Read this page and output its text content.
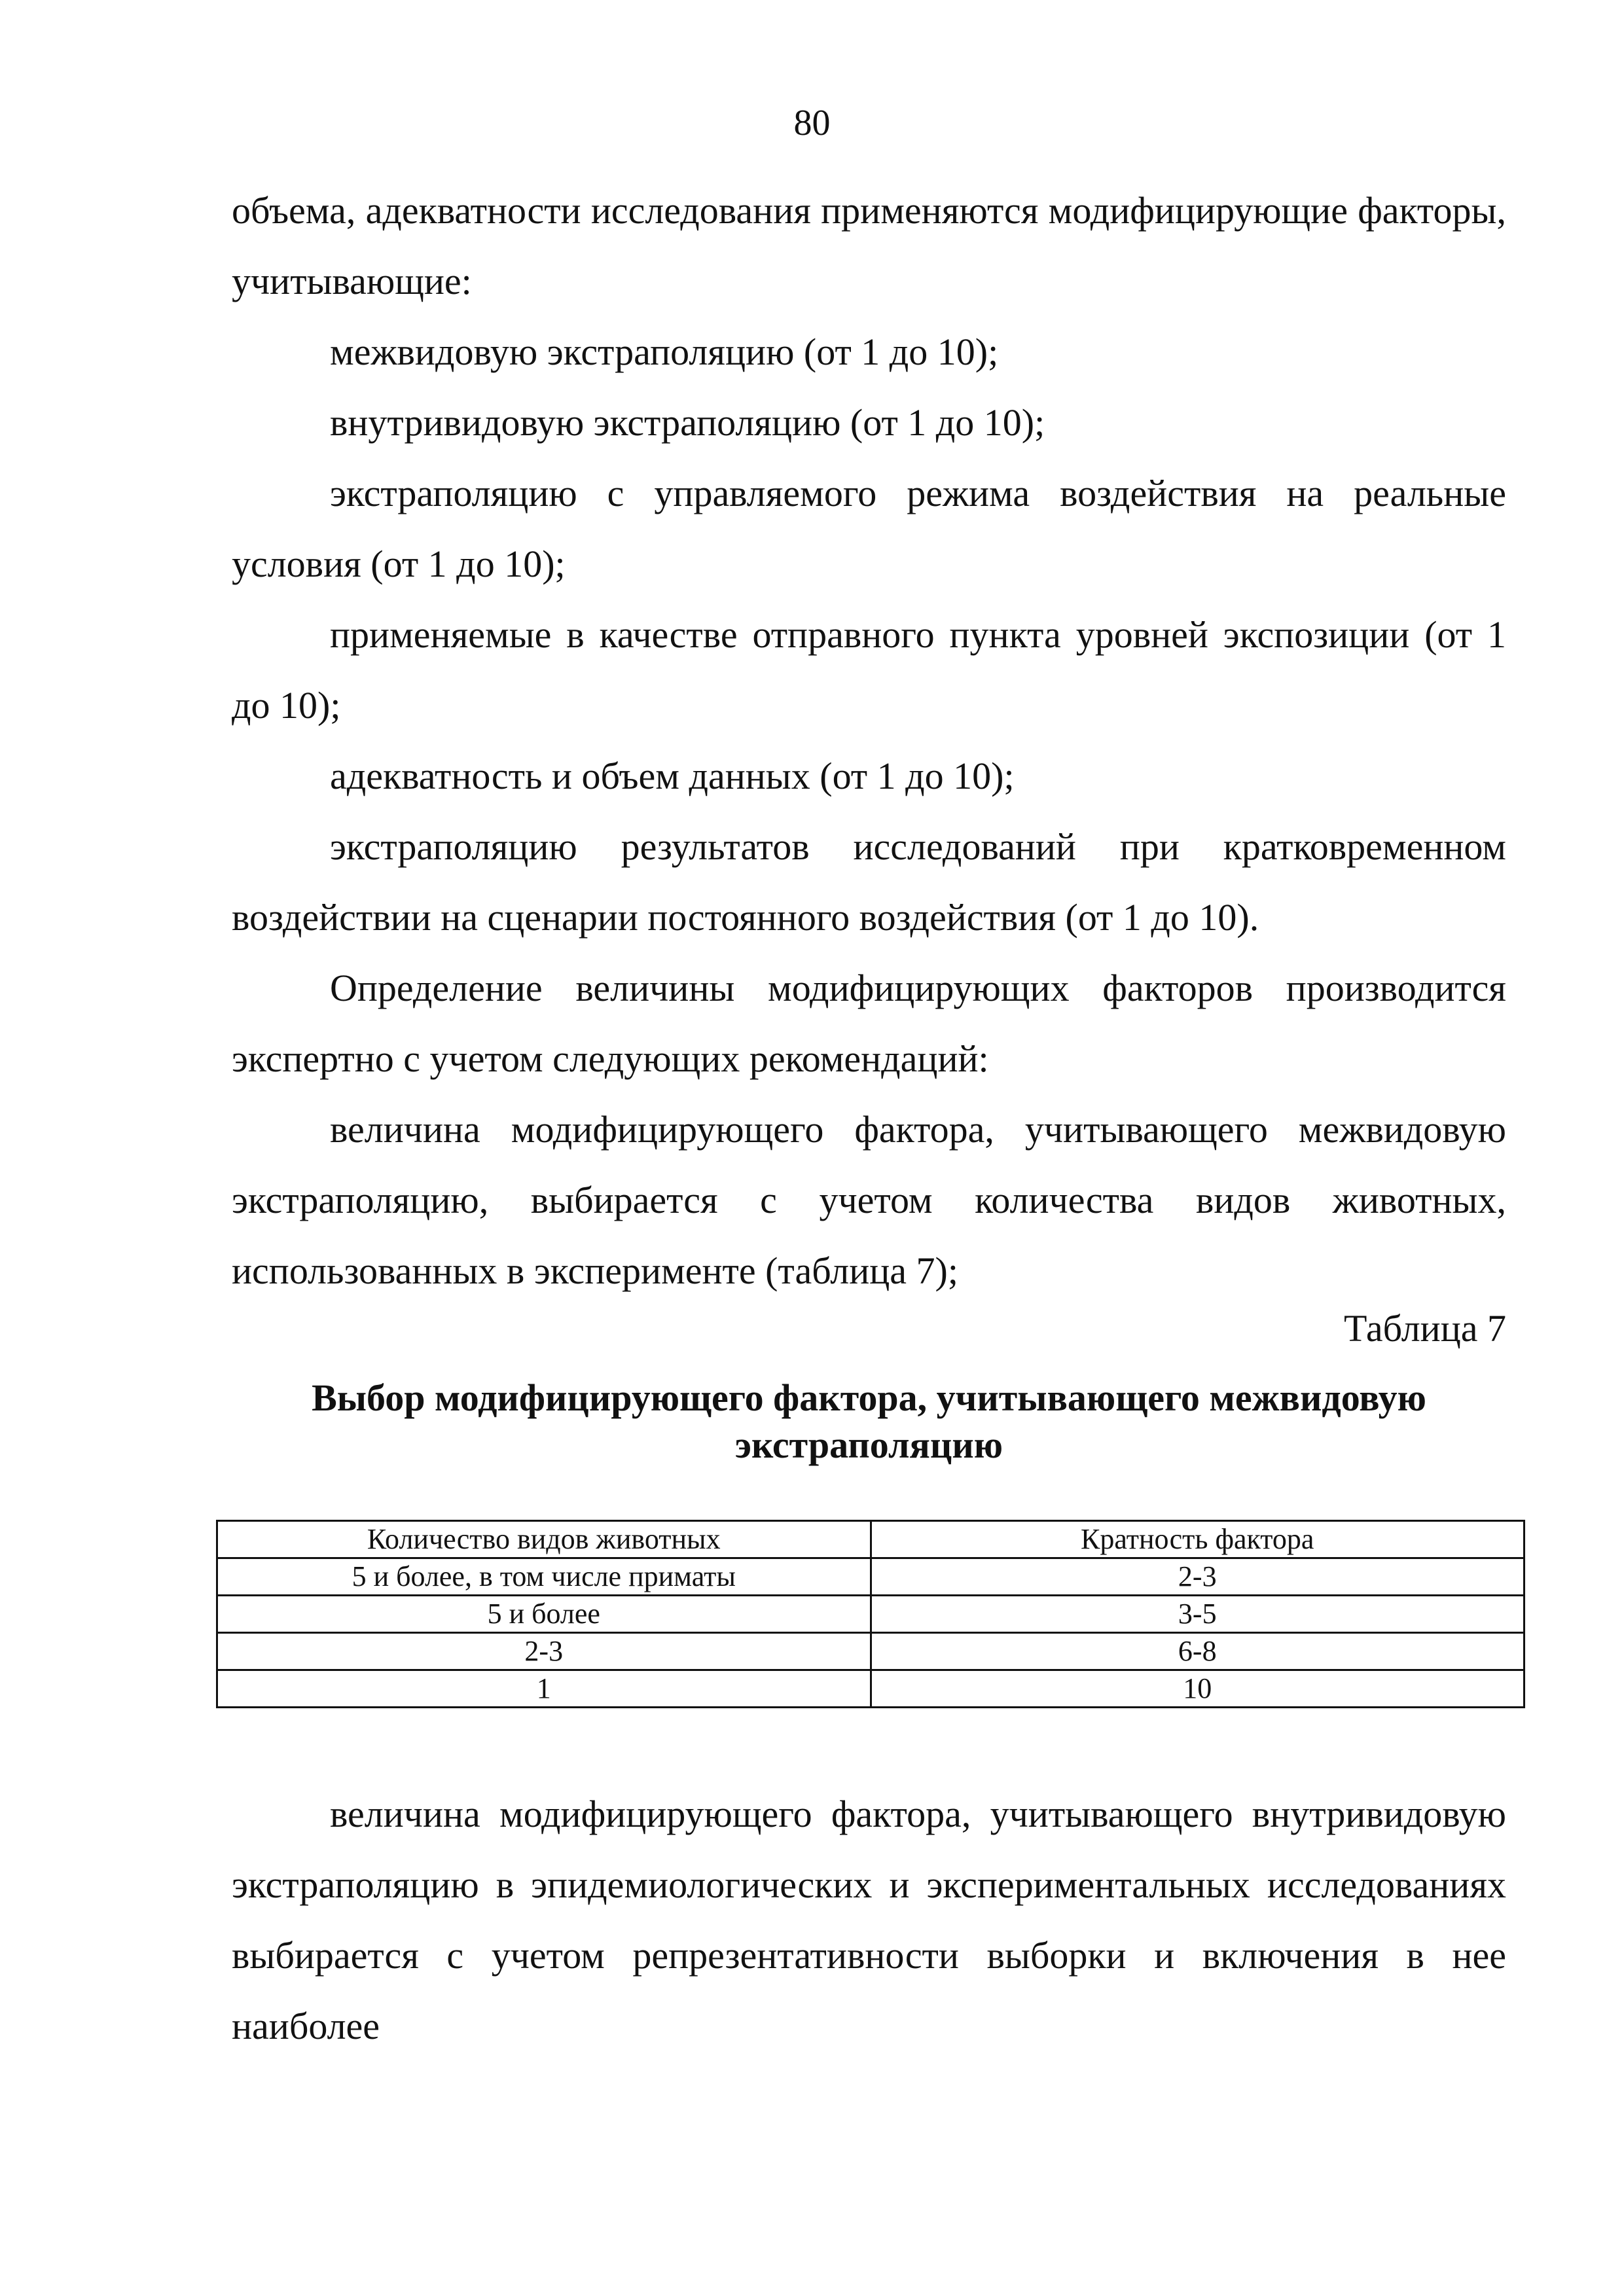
80

объема, адекватности исследования применяются модифицирующие факторы, учитывающие:

межвидовую экстраполяцию (от 1 до 10);

внутривидовую экстраполяцию (от 1 до 10);

экстраполяцию с управляемого режима воздействия на реальные условия (от 1 до 10);

применяемые в качестве отправного пункта уровней экспозиции (от 1 до 10);

адекватность и объем данных (от 1 до 10);

экстраполяцию результатов исследований при кратковременном воздействии на сценарии постоянного воздействия (от 1 до 10).

Определение величины модифицирующих факторов производится экспертно с учетом следующих рекомендаций:

величина модифицирующего фактора, учитывающего межвидовую экстраполяцию, выбирается с учетом количества видов животных, использованных в эксперименте (таблица 7);

Таблица 7
Выбор модифицирующего фактора, учитывающего межвидовую экстраполяцию
Количество видов животных	Кратность фактора
5 и более, в том числе приматы	2-3
5 и более	3-5
2-3	6-8
1	10

величина модифицирующего фактора, учитывающего внутривидовую экстраполяцию в эпидемиологических и экспериментальных исследованиях выбирается с учетом репрезентативности выборки и включения в нее наиболее
